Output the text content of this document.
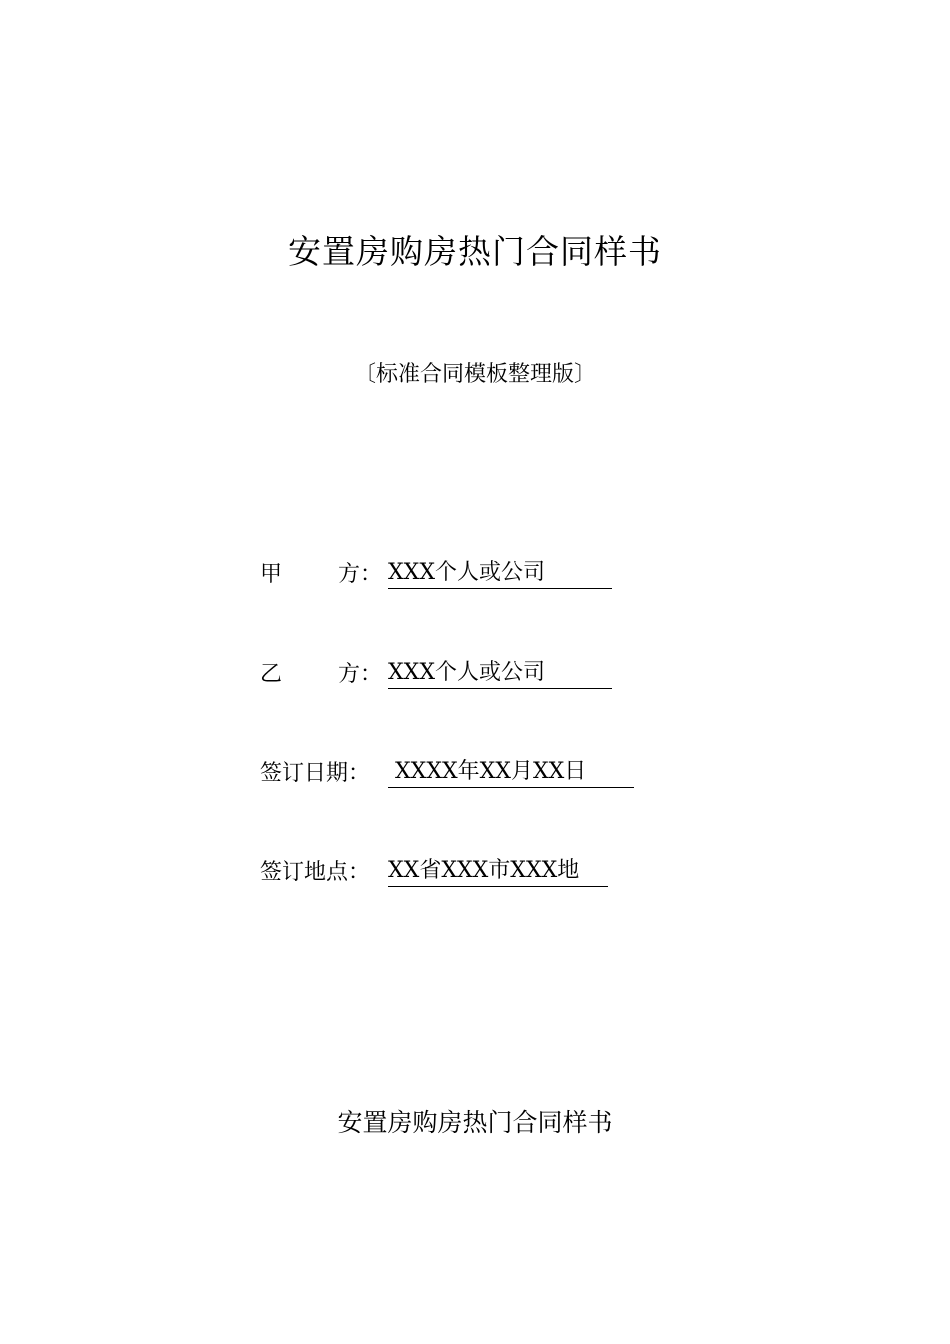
安置房购房热门合同样书
〔标准合同模板整理版〕
甲	方： XXX个人或公司
乙	方： XXX个人或公司
签订日期： XXXX年XX月XX日
签订地点： XX省XXX市XXX地
安置房购房热门合同样书
